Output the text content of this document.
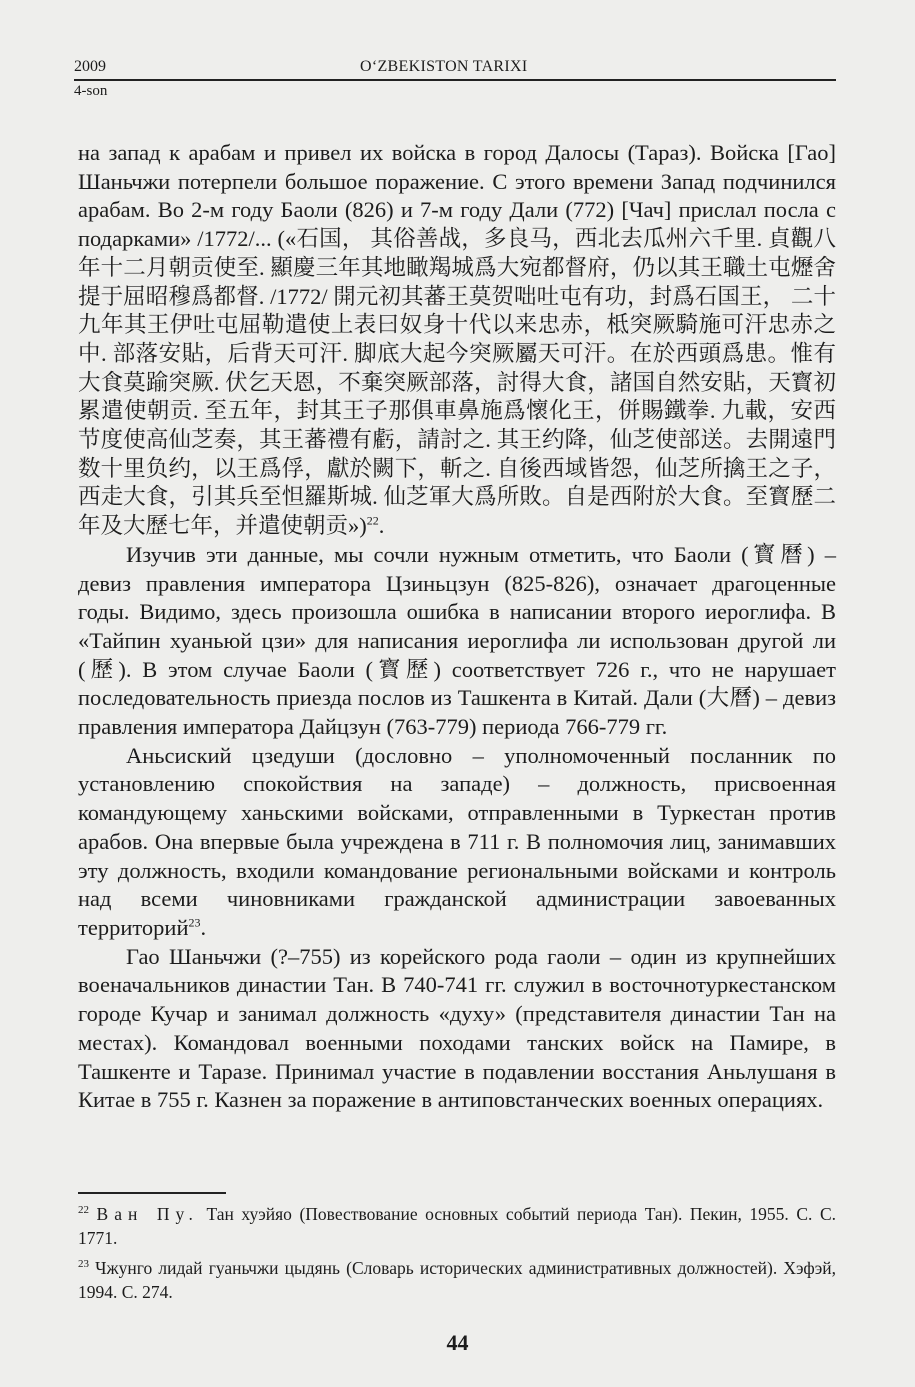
2009	O‘ZBEKISTON TARIXI
4-son

на запад к арабам и привел их войска в город Далосы (Тараз). Войска [Гао] Шаньчжи потерпели большое поражение. С этого времени Запад подчинился арабам. Во 2-м году Баоли (826) и 7-м году Дали (772) [Чач] прислал посла с подарками» /1772/... («石国， 其俗善战，多良马，西北去瓜州六千里. 貞觀八年十二月朝贡使至. 顯慶三年其地瞰羯城爲大宛都督府，仍以其王職土屯爏舍提于屈昭穆爲都督. /1772/ 開元初其蕃王莫贺咄吐屯有功，封爲石国王， 二十九年其王伊吐屯屈勒遣使上表曰奴身十代以来忠赤，柢突厥騎施可汗忠赤之中. 部落安貼，后背天可汗. 脚底大起今突厥屬天可汗。在於西頭爲患。惟有大食莫踰突厥. 伏乞天恩，不棄突厥部落，討得大食，諸国自然安貼，天寳初累遣使朝贡. 至五年，封其王子那俱車鼻施爲懷化王，併賜鐵拳. 九載，安西节度使高仙芝奏，其王蕃禮有虧，請討之. 其王约降，仙芝使部送。去開遠門数十里负约，以王爲俘，獻於闕下，斬之. 自後西域皆怨，仙芝所擒王之子，西走大食，引其兵至怛羅斯城. 仙芝軍大爲所敗。自是西附於大食。至寳歷二年及大歷七年，并遣使朝贡»)$^{22}$.

Изучив эти данные, мы сочли нужным отметить, что Баоли (寳曆) – девиз правления императора Цзиньцзун (825-826), означает драгоценные годы. Видимо, здесь произошла ошибка в написании второго иероглифа. В «Тайпин хуаньюй цзи» для написания иероглифа ли использован другой ли (歷). В этом случае Баоли (寳歷) соответствует 726 г., что не нарушает последовательность приезда послов из Ташкента в Китай. Дали (大曆) – девиз правления императора Дайцзун (763-779) периода 766-779 гг.

Аньсиский цзедуши (дословно – уполномоченный посланник по установлению спокойствия на западе) – должность, присвоенная командующему ханьскими войсками, отправленными в Туркестан против арабов. Она впервые была учреждена в 711 г. В полномочия лиц, занимавших эту должность, входили командование региональными войсками и контроль над всеми чиновниками гражданской администрации завоеванных территорий$^{23}$.

Гао Шаньчжи (?–755) из корейского рода гаоли – один из крупнейших военачальников династии Тан. В 740-741 гг. служил в восточнотуркестанском городе Кучар и занимал должность «духу» (представителя династии Тан на местах). Командовал военными походами танских войск на Памире, в Ташкенте и Таразе. Принимал участие в подавлении восстания Аньлушаня в Китае в 755 г. Казнен за поражение в антиповстанческих военных операциях.

$^{22}$ Ван Пу. Тан хуэйяо (Повествование основных событий периода Тан). Пекин, 1955. С. С. 1771.

$^{23}$ Чжунго лидай гуаньчжи цыдянь (Словарь исторических административных должностей). Хэфэй, 1994. С. 274.

44
